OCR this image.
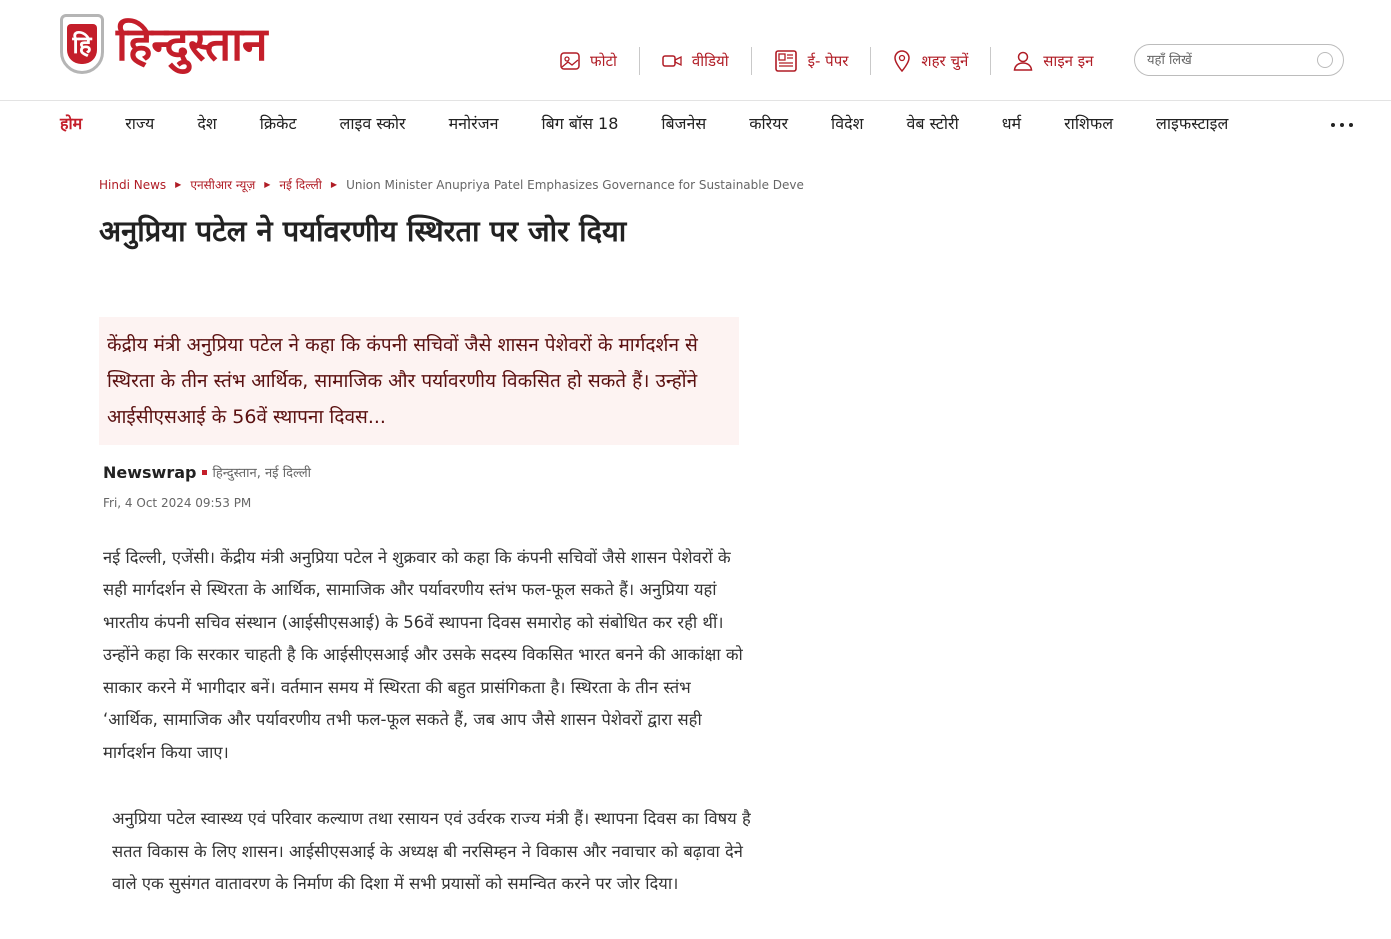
हि हिन्दुस्तान	फोटो	वीडियो	ई- पेपर	शहर चुनें	साइन इन
यहाँ लिखें
होम	राज्य	देश	क्रिकेट	लाइव स्कोर	मनोरंजन	बिग बॉस 18	बिजनेस	करियर	विदेश	वेब स्टोरी	धर्म	राशिफल	लाइफस्टाइल
Hindi News ▶ एनसीआर न्यूज़ ▶ नई दिल्ली ▶ Union Minister Anupriya Patel Emphasizes Governance for Sustainable Deve
अनुप्रिया पटेल ने पर्यावरणीय स्थिरता पर जोर दिया
केंद्रीय मंत्री अनुप्रिया पटेल ने कहा कि कंपनी सचिवों जैसे शासन पेशेवरों के मार्गदर्शन से स्थिरता के तीन स्तंभ आर्थिक, सामाजिक और पर्यावरणीय विकसित हो सकते हैं। उन्होंने आईसीएसआई के 56वें स्थापना दिवस...
Newswrap हिन्दुस्तान, नई दिल्ली
Fri, 4 Oct 2024 09:53 PM

नई दिल्ली, एजेंसी। केंद्रीय मंत्री अनुप्रिया पटेल ने शुक्रवार को कहा कि कंपनी सचिवों जैसे शासन पेशेवरों के सही मार्गदर्शन से स्थिरता के आर्थिक, सामाजिक और पर्यावरणीय स्तंभ फल-फूल सकते हैं। अनुप्रिया यहां भारतीय कंपनी सचिव संस्थान (आईसीएसआई) के 56वें स्थापना दिवस समारोह को संबोधित कर रही थीं। उन्होंने कहा कि सरकार चाहती है कि आईसीएसआई और उसके सदस्य विकसित भारत बनने की आकांक्षा को साकार करने में भागीदार बनें। वर्तमान समय में स्थिरता की बहुत प्रासंगिकता है। स्थिरता के तीन स्तंभ ‘आर्थिक, सामाजिक और पर्यावरणीय तभी फल-फूल सकते हैं, जब आप जैसे शासन पेशेवरों द्वारा सही मार्गदर्शन किया जाए।

अनुप्रिया पटेल स्वास्थ्य एवं परिवार कल्याण तथा रसायन एवं उर्वरक राज्य मंत्री हैं। स्थापना दिवस का विषय है सतत विकास के लिए शासन। आईसीएसआई के अध्यक्ष बी नरसिम्हन ने विकास और नवाचार को बढ़ावा देने वाले एक सुसंगत वातावरण के निर्माण की दिशा में सभी प्रयासों को समन्वित करने पर जोर दिया।
